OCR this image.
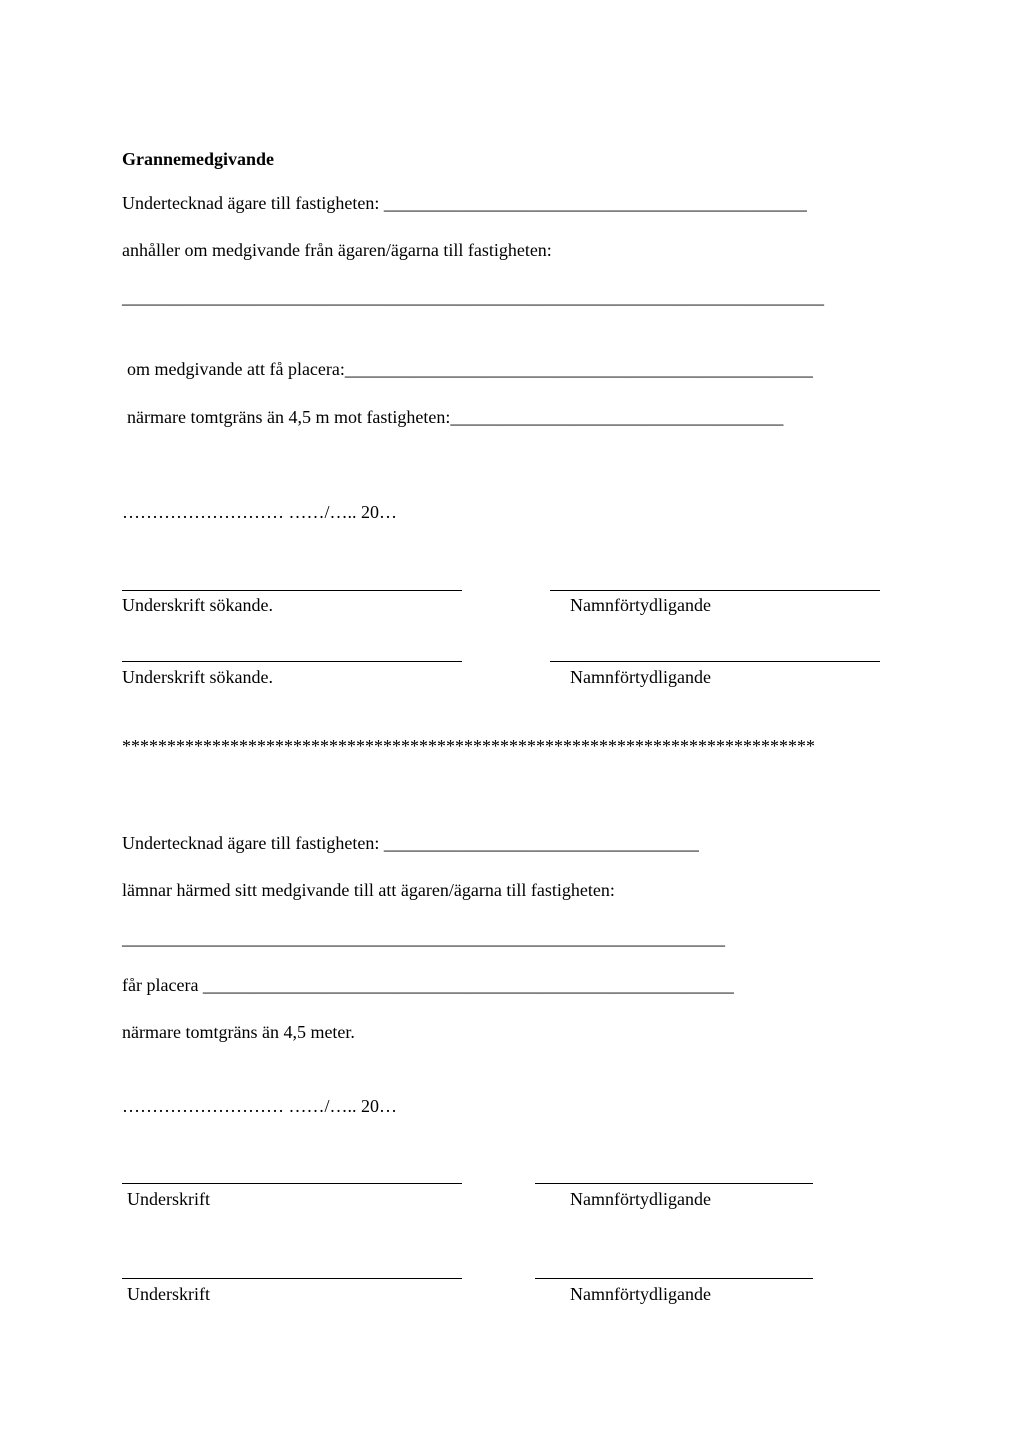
Grannemedgivande
Undertecknad ägare till fastigheten: _______________________________________________
anhåller om medgivande från ägaren/ägarna till fastigheten:
______________________________________________________________________________
om medgivande att få placera:____________________________________________________
närmare tomtgräns än 4,5 m mot fastigheten:_____________________________________
……………………… ……/….. 20…
Underskrift sökande.	Namnförtydligande
Underskrift sökande.	Namnförtydligande
*****************************************************************************
Undertecknad ägare till fastigheten: ___________________________________
lämnar härmed sitt medgivande till att ägaren/ägarna till fastigheten:
___________________________________________________________________
får placera ___________________________________________________________
närmare tomtgräns än 4,5 meter.
……………………… ……/….. 20…
Underskrift	Namnförtydligande
Underskrift	Namnförtydligande
